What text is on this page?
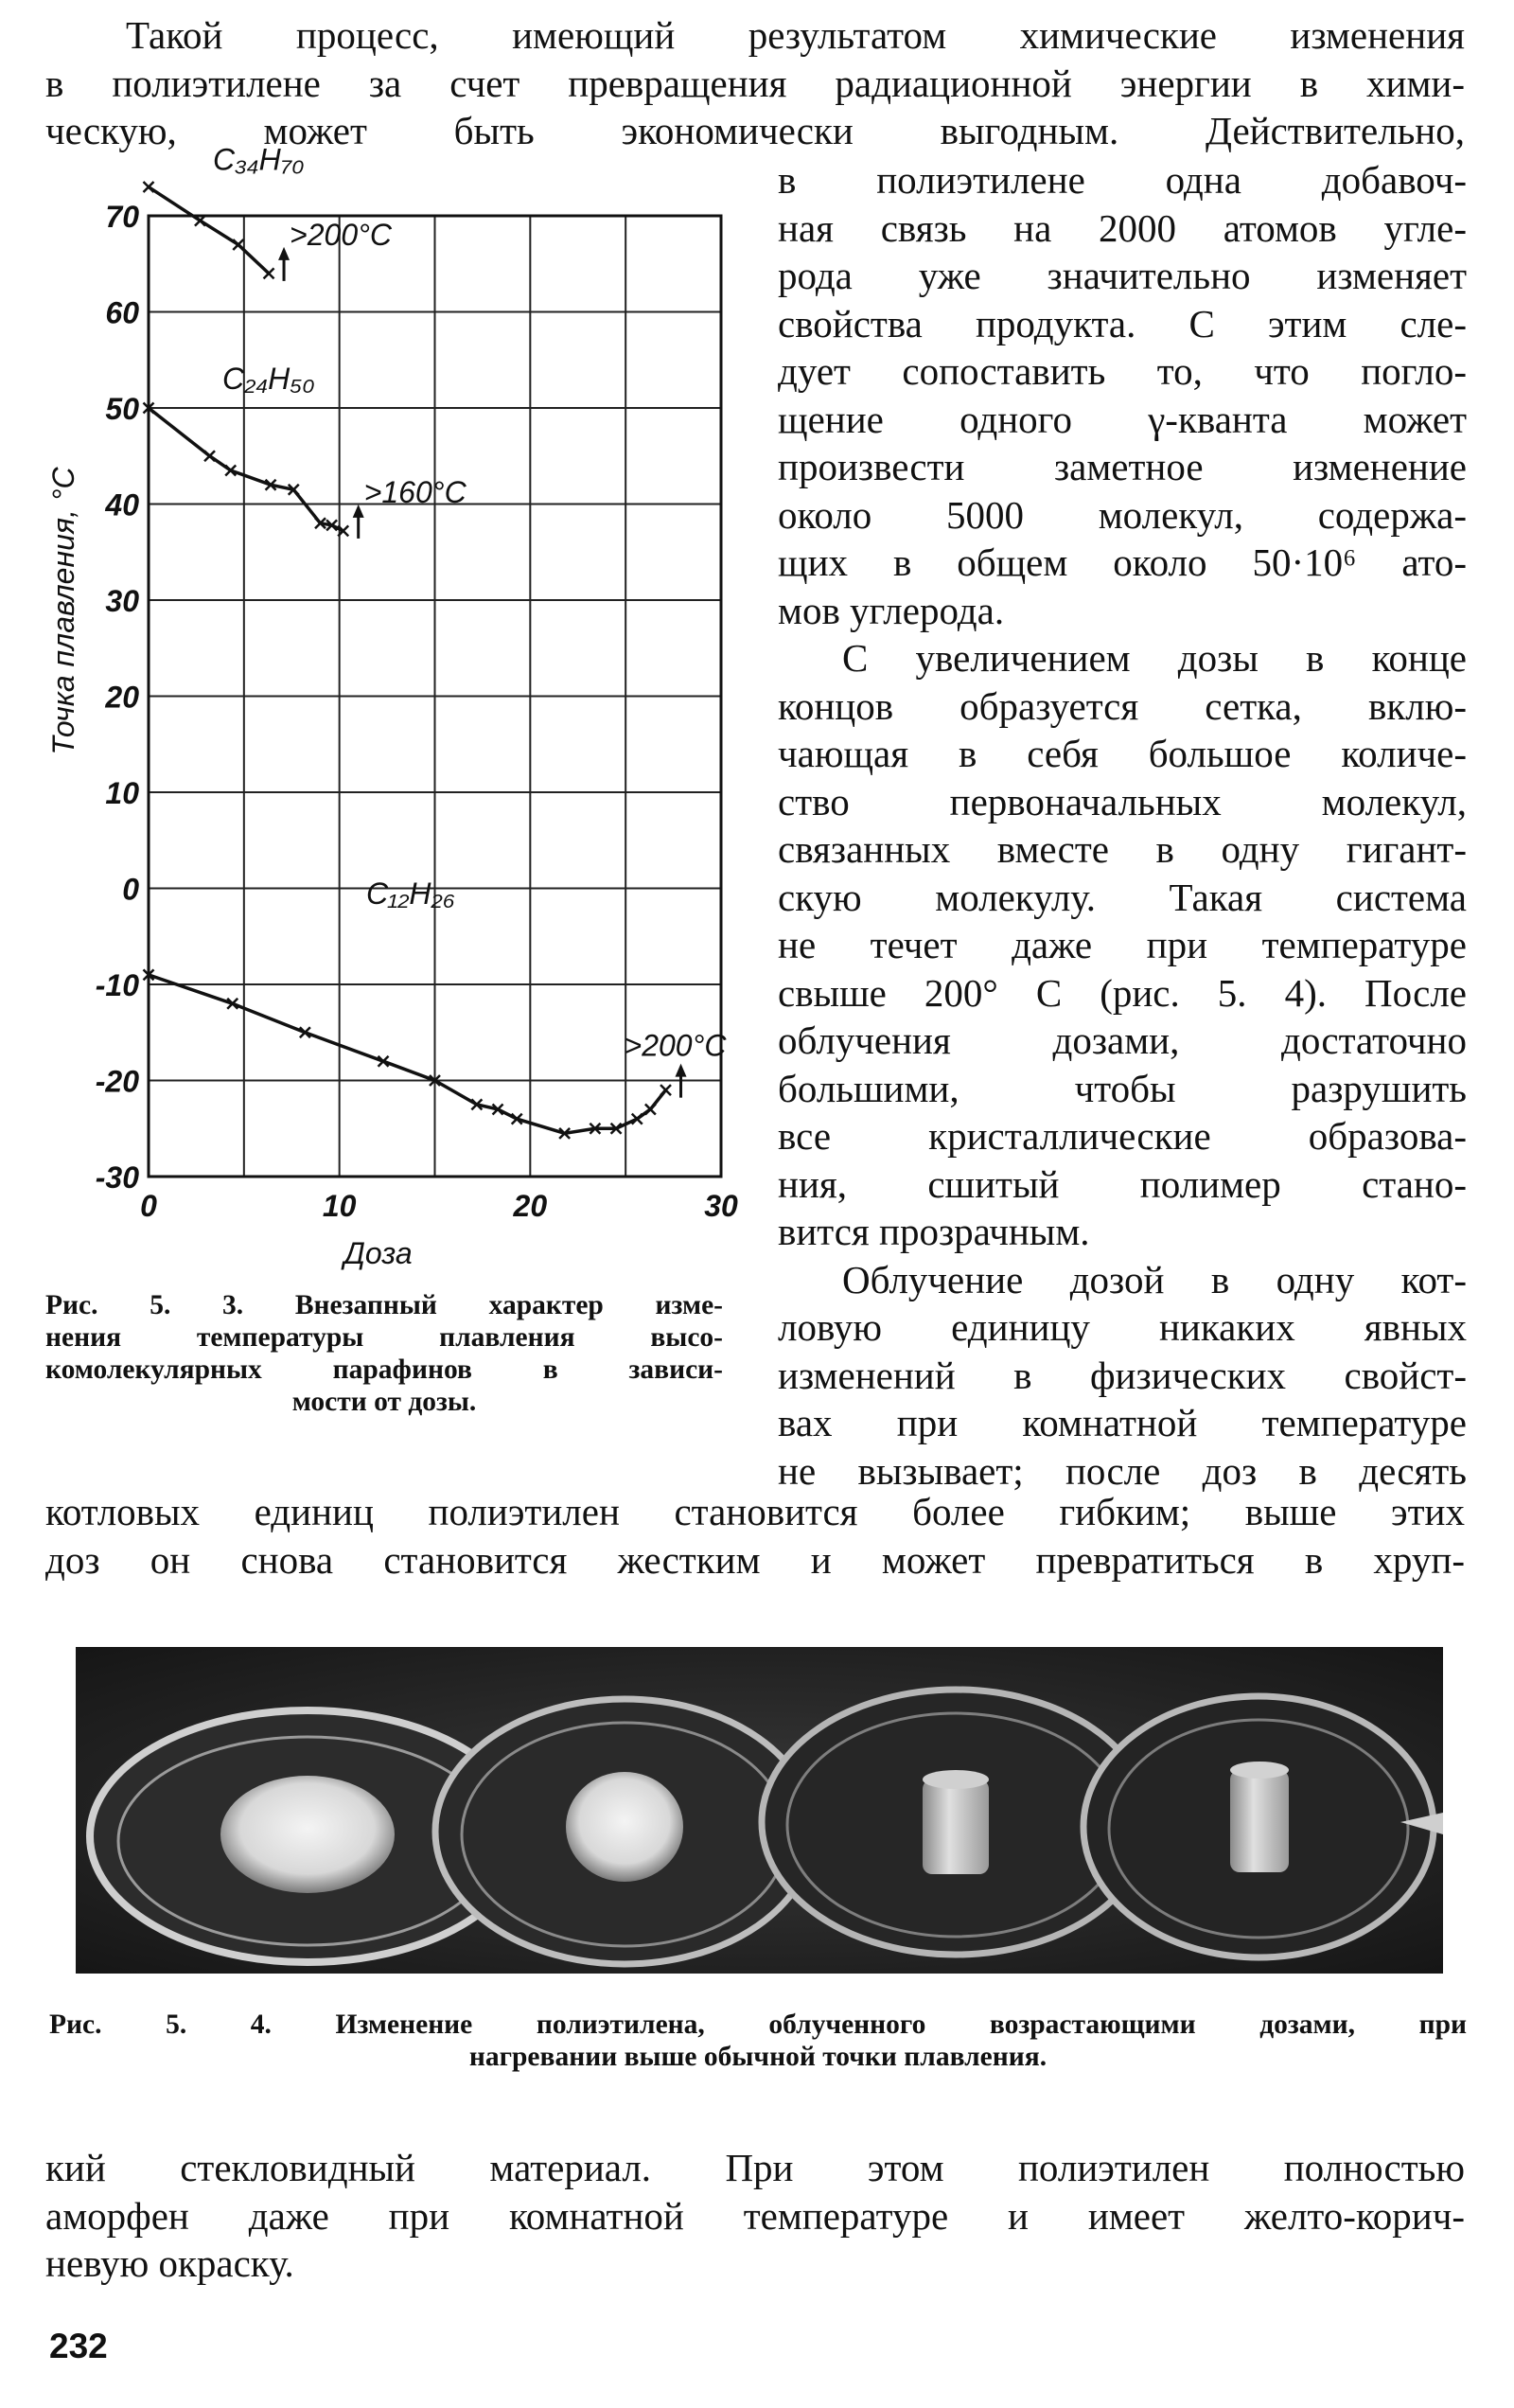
Такой процесс, имеющий результатом химические изменения
в полиэтилене за счет превращения радиационной энергии в хими-
ческую, может быть экономически выгодным. Действительно,
в полиэтилене одна добавоч-
ная связь на 2000 атомов угле-
рода уже значительно изменяет
свойства продукта. С этим сле-
дует сопоставить то, что погло-
щение одного γ-кванта может
произвести заметное изменение
около 5000 молекул, содержа-
щих в общем около 50·10⁶ ато-
мов углерода.
С увеличением дозы в конце
концов образуется сетка, вклю-
чающая в себя большое количе-
ство первоначальных молекул,
связанных вместе в одну гигант-
скую молекулу. Такая система
не течет даже при температуре
свыше 200° С (рис. 5. 4). После
облучения дозами, достаточно
большими, чтобы разрушить
все кристаллические образова-
ния, сшитый полимер стано-
вится прозрачным.
Облучение дозой в одну кот-
ловую единицу никаких явных
изменений в физических свойст-
вах при комнатной температуре
не вызывает; после доз в десять
котловых единиц полиэтилен становится более гибким; выше этих
доз он снова становится жестким и может превратиться в хруп-
70
60
50
40
30
20
10
0
-10
-20
-30
0	10	20	30
Доза
Точка плавления, °С
C₃₄H₇₀
>200°C
C₂₄H₅₀
>160°C
C₁₂H₂₆
>200°C
Рис. 5. 3. Внезапный характер изме-
нения температуры плавления высо-
комолекулярных парафинов в зависи-
мости от дозы.
Рис. 5. 4. Изменение полиэтилена, облученного возрастающими дозами, при
нагревании выше обычной точки плавления.
кий стекловидный материал. При этом полиэтилен полностью
аморфен даже при комнатной температуре и имеет желто-корич-
невую окраску.
232
